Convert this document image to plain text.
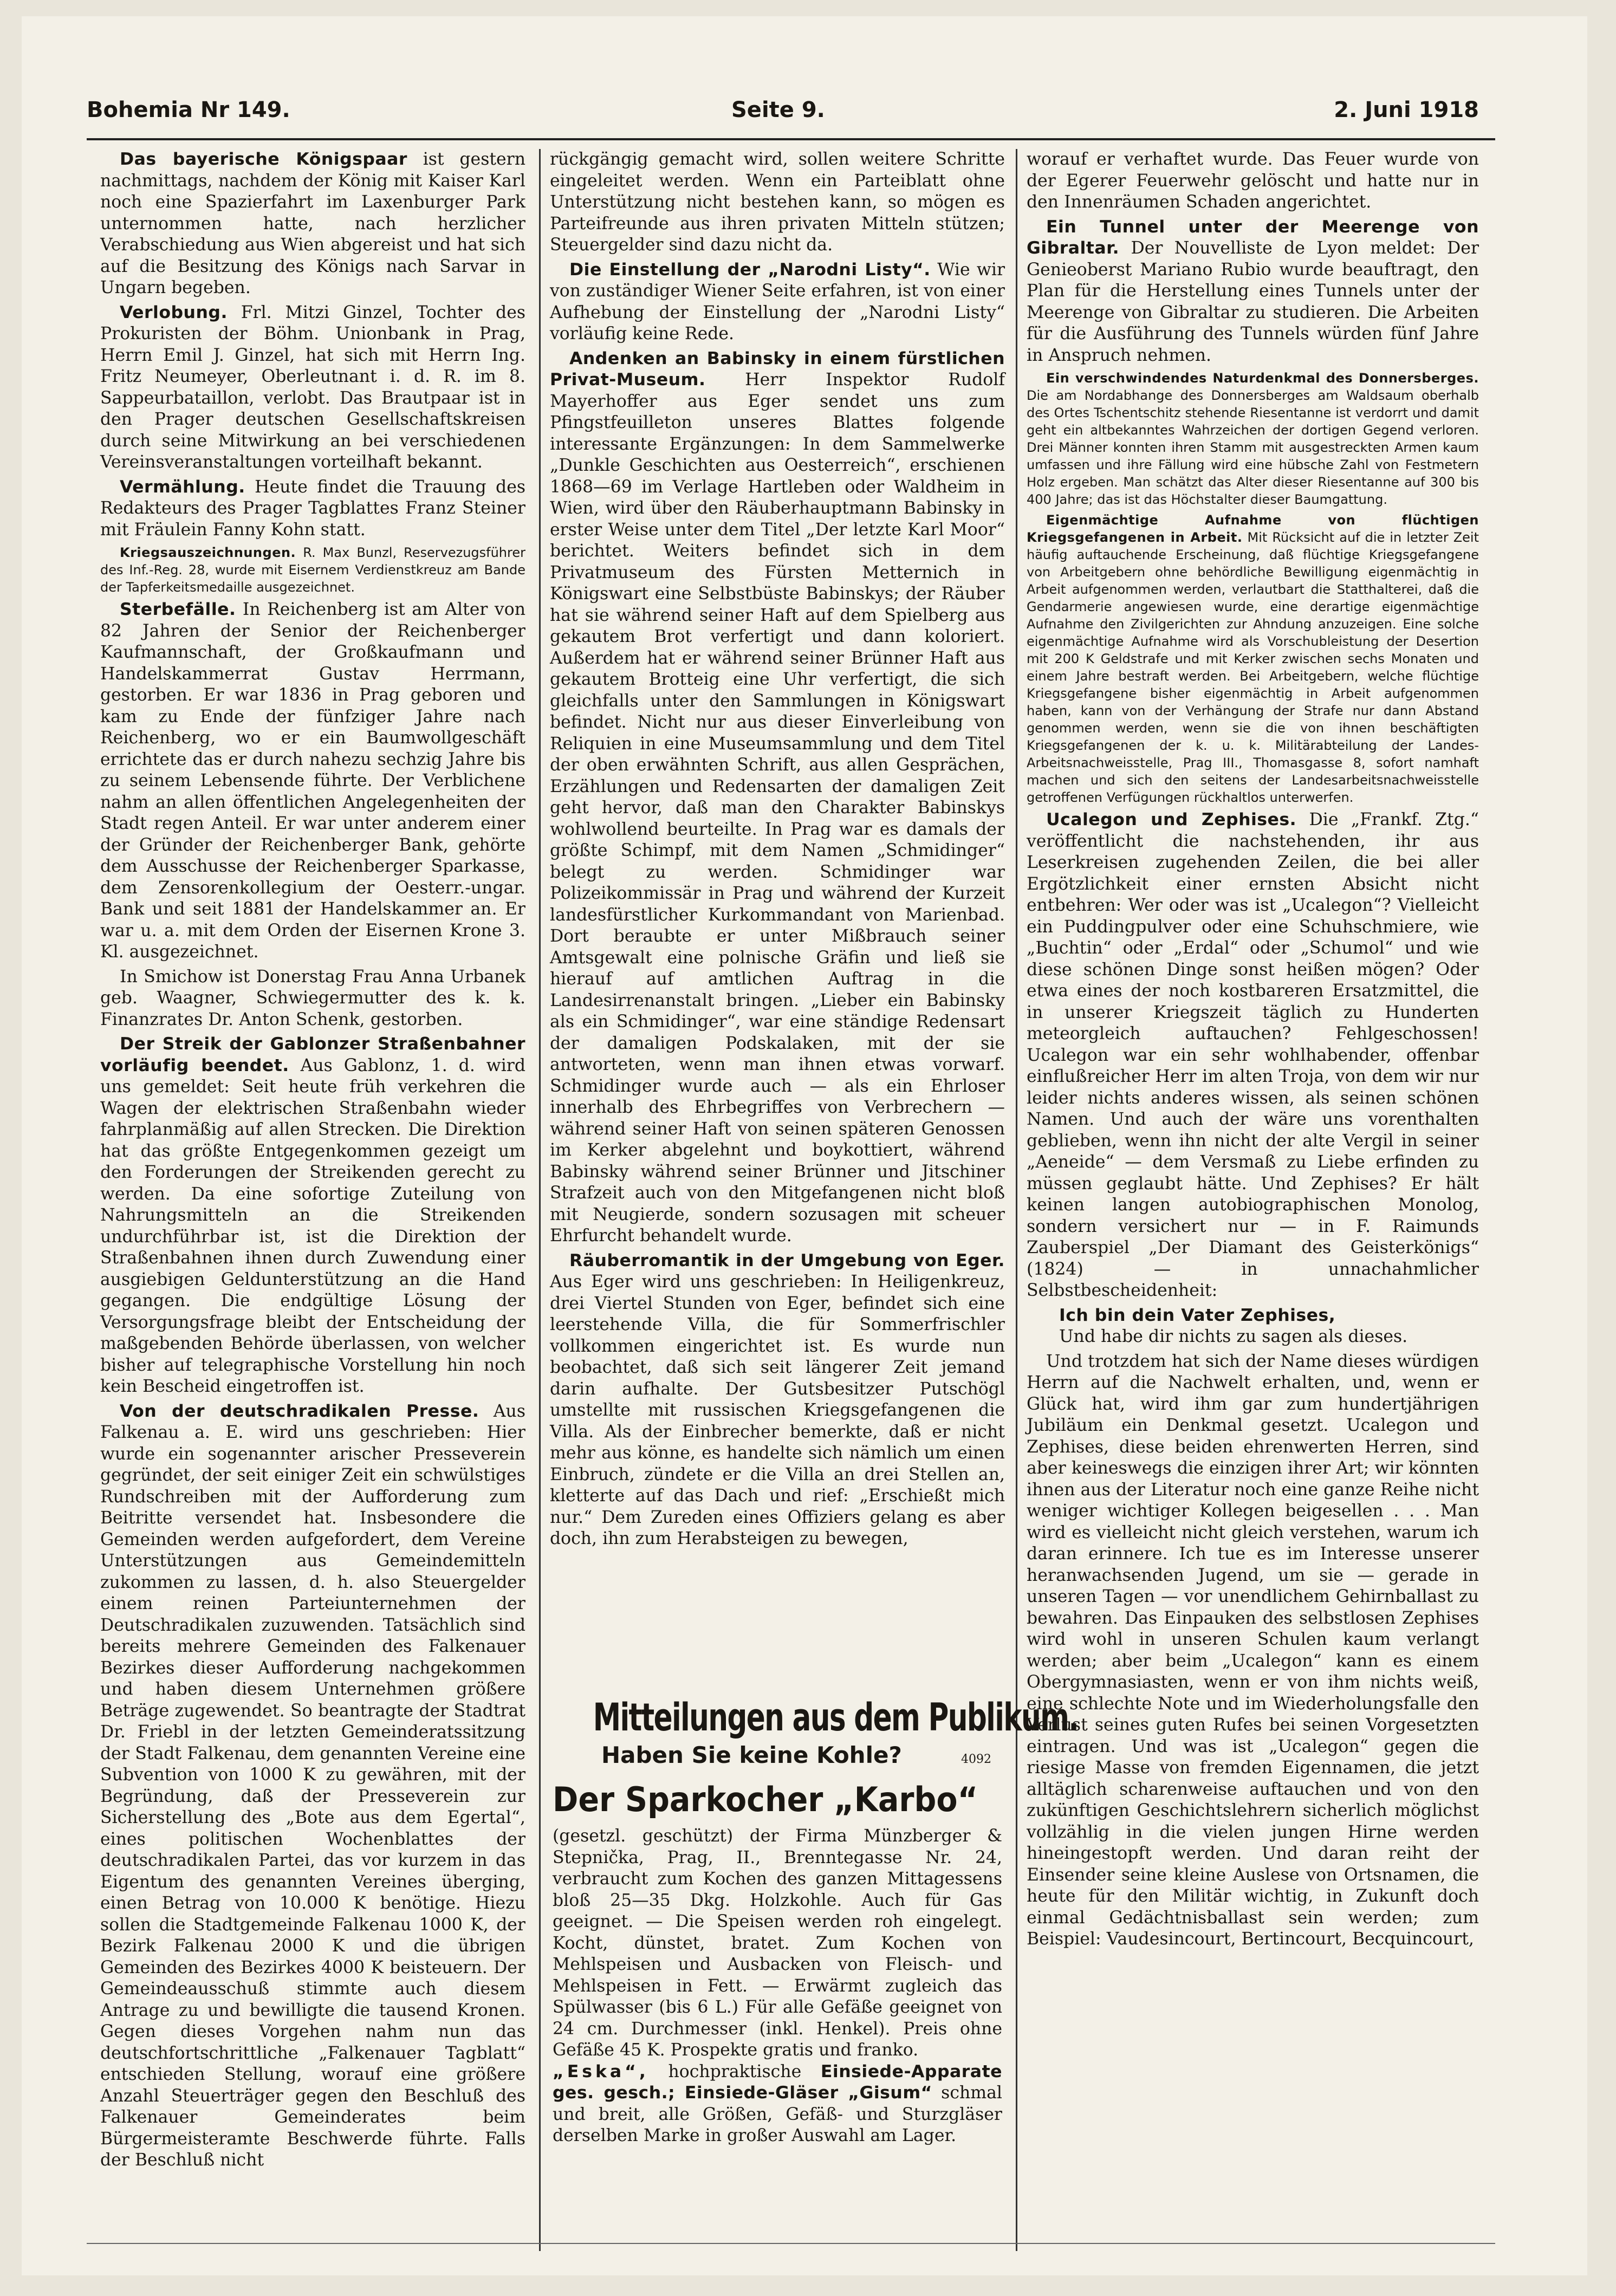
Bohemia Nr 149.	Seite 9.	2. Juni 1918

Das bayerische Königspaar ist gestern nachmittags, nachdem der König mit Kaiser Karl noch eine Spazierfahrt im Laxenburger Park unternommen hatte, nach herzlicher Verabschiedung aus Wien abgereist und hat sich auf die Besitzung des Königs nach Sarvar in Ungarn begeben.

Verlobung. Frl. Mitzi Ginzel, Tochter des Prokuristen der Böhm. Unionbank in Prag, Herrn Emil J. Ginzel, hat sich mit Herrn Ing. Fritz Neumeyer, Oberleutnant i. d. R. im 8. Sappeurbataillon, verlobt. Das Brautpaar ist in den Prager deutschen Gesellschaftskreisen durch seine Mitwirkung an bei verschiedenen Vereinsveranstaltungen vorteilhaft bekannt.

Vermählung. Heute findet die Trauung des Redakteurs des Prager Tagblattes Franz Steiner mit Fräulein Fanny Kohn statt.

Kriegsauszeichnungen. R. Max Bunzl, Reservezugsführer des Inf.-Reg. 28, wurde mit Eisernem Verdienstkreuz am Bande der Tapferkeitsmedaille ausgezeichnet.

Sterbefälle. In Reichenberg ist am Alter von 82 Jahren der Senior der Reichenberger Kaufmannschaft, der Großkaufmann und Handelskammerrat Gustav Herrmann, gestorben. Er war 1836 in Prag geboren und kam zu Ende der fünfziger Jahre nach Reichenberg, wo er ein Baumwollgeschäft errichtete das er durch nahezu sechzig Jahre bis zu seinem Lebensende führte. Der Verblichene nahm an allen öffentlichen Angelegenheiten der Stadt regen Anteil. Er war unter anderem einer der Gründer der Reichenberger Bank, gehörte dem Ausschusse der Reichenberger Sparkasse, dem Zensorenkollegium der Oesterr.-ungar. Bank und seit 1881 der Handelskammer an. Er war u. a. mit dem Orden der Eisernen Krone 3. Kl. ausgezeichnet.

In Smichow ist Donerstag Frau Anna Urbanek geb. Waagner, Schwiegermutter des k. k. Finanzrates Dr. Anton Schenk, gestorben.

Der Streik der Gablonzer Straßenbahner vorläufig beendet. Aus Gablonz, 1. d. wird uns gemeldet: Seit heute früh verkehren die Wagen der elektrischen Straßenbahn wieder fahrplanmäßig auf allen Strecken. Die Direktion hat das größte Entgegenkommen gezeigt um den Forderungen der Streikenden gerecht zu werden. Da eine sofortige Zuteilung von Nahrungsmitteln an die Streikenden undurchführbar ist, ist die Direktion der Straßenbahnen ihnen durch Zuwendung einer ausgiebigen Geldunterstützung an die Hand gegangen. Die endgültige Lösung der Versorgungsfrage bleibt der Entscheidung der maßgebenden Behörde überlassen, von welcher bisher auf telegraphische Vorstellung hin noch kein Bescheid eingetroffen ist.

Von der deutschradikalen Presse. Aus Falkenau a. E. wird uns geschrieben: Hier wurde ein sogenannter arischer Presseverein gegründet, der seit einiger Zeit ein schwülstiges Rundschreiben mit der Aufforderung zum Beitritte versendet hat. Insbesondere die Gemeinden werden aufgefordert, dem Vereine Unterstützungen aus Gemeindemitteln zukommen zu lassen, d. h. also Steuergelder einem reinen Parteiunternehmen der Deutschradikalen zuzuwenden. Tatsächlich sind bereits mehrere Gemeinden des Falkenauer Bezirkes dieser Aufforderung nachgekommen und haben diesem Unternehmen größere Beträge zugewendet. So beantragte der Stadtrat Dr. Friebl in der letzten Gemeinderatssitzung der Stadt Falkenau, dem genannten Vereine eine Subvention von 1000 K zu gewähren, mit der Begründung, daß der Presseverein zur Sicherstellung des „Bote aus dem Egertal“, eines politischen Wochenblattes der deutschradikalen Partei, das vor kurzem in das Eigentum des genannten Vereines überging, einen Betrag von 10.000 K benötige. Hiezu sollen die Stadtgemeinde Falkenau 1000 K, der Bezirk Falkenau 2000 K und die übrigen Gemeinden des Bezirkes 4000 K beisteuern. Der Gemeindeausschuß stimmte auch diesem Antrage zu und bewilligte die tausend Kronen. Gegen dieses Vorgehen nahm nun das deutschfortschrittliche „Falkenauer Tagblatt“ entschieden Stellung, worauf eine größere Anzahl Steuerträger gegen den Beschluß des Falkenauer Gemeinderates beim Bürgermeisteramte Beschwerde führte. Falls der Beschluß nicht

rückgängig gemacht wird, sollen weitere Schritte eingeleitet werden. Wenn ein Parteiblatt ohne Unterstützung nicht bestehen kann, so mögen es Parteifreunde aus ihren privaten Mitteln stützen; Steuergelder sind dazu nicht da.

Die Einstellung der „Narodni Listy“. Wie wir von zuständiger Wiener Seite erfahren, ist von einer Aufhebung der Einstellung der „Narodni Listy“ vorläufig keine Rede.

Andenken an Babinsky in einem fürstlichen Privat-Museum. Herr Inspektor Rudolf Mayerhoffer aus Eger sendet uns zum Pfingstfeuilleton unseres Blattes folgende interessante Ergänzungen: In dem Sammelwerke „Dunkle Geschichten aus Oesterreich“, erschienen 1868—69 im Verlage Hartleben oder Waldheim in Wien, wird über den Räuberhauptmann Babinsky in erster Weise unter dem Titel „Der letzte Karl Moor“ berichtet. Weiters befindet sich in dem Privatmuseum des Fürsten Metternich in Königswart eine Selbstbüste Babinskys; der Räuber hat sie während seiner Haft auf dem Spielberg aus gekautem Brot verfertigt und dann koloriert. Außerdem hat er während seiner Brünner Haft aus gekautem Brotteig eine Uhr verfertigt, die sich gleichfalls unter den Sammlungen in Königswart befindet. Nicht nur aus dieser Einverleibung von Reliquien in eine Museumsammlung und dem Titel der oben erwähnten Schrift, aus allen Gesprächen, Erzählungen und Redensarten der damaligen Zeit geht hervor, daß man den Charakter Babinskys wohlwollend beurteilte. In Prag war es damals der größte Schimpf, mit dem Namen „Schmidinger“ belegt zu werden. Schmidinger war Polizeikommissär in Prag und während der Kurzeit landesfürstlicher Kurkommandant von Marienbad. Dort beraubte er unter Mißbrauch seiner Amtsgewalt eine polnische Gräfin und ließ sie hierauf auf amtlichen Auftrag in die Landesirrenanstalt bringen. „Lieber ein Babinsky als ein Schmidinger“, war eine ständige Redensart der damaligen Podskalaken, mit der sie antworteten, wenn man ihnen etwas vorwarf. Schmidinger wurde auch — als ein Ehrloser innerhalb des Ehrbegriffes von Verbrechern — während seiner Haft von seinen späteren Genossen im Kerker abgelehnt und boykottiert, während Babinsky während seiner Brünner und Jitschiner Strafzeit auch von den Mitgefangenen nicht bloß mit Neugierde, sondern sozusagen mit scheuer Ehrfurcht behandelt wurde.

Räuberromantik in der Umgebung von Eger. Aus Eger wird uns geschrieben: In Heiligenkreuz, drei Viertel Stunden von Eger, befindet sich eine leerstehende Villa, die für Sommerfrischler vollkommen eingerichtet ist. Es wurde nun beobachtet, daß sich seit längerer Zeit jemand darin aufhalte. Der Gutsbesitzer Putschögl umstellte mit russischen Kriegsgefangenen die Villa. Als der Einbrecher bemerkte, daß er nicht mehr aus könne, es handelte sich nämlich um einen Einbruch, zündete er die Villa an drei Stellen an, kletterte auf das Dach und rief: „Erschießt mich nur.“ Dem Zureden eines Offiziers gelang es aber doch, ihn zum Herabsteigen zu bewegen,

Mitteilungen aus dem Publikum.
Haben Sie keine Kohle?	4092
Der Sparkocher „Karbo“

(gesetzl. geschützt) der Firma Münzberger & Stepnička, Prag, II., Brenntegasse Nr. 24, verbraucht zum Kochen des ganzen Mittagessens bloß 25—35 Dkg. Holzkohle. Auch für Gas geeignet. — Die Speisen werden roh eingelegt. Kocht, dünstet, bratet. Zum Kochen von Mehlspeisen und Ausbacken von Fleisch- und Mehlspeisen in Fett. — Erwärmt zugleich das Spülwasser (bis 6 L.) Für alle Gefäße geeignet von 24 cm. Durchmesser (inkl. Henkel). Preis ohne Gefäße 45 K. Prospekte gratis und franko.

„Eska“, hochpraktische Einsiede-Apparate ges. gesch.; Einsiede-Gläser „Gisum“ schmal und breit, alle Größen, Gefäß- und Sturzgläser derselben Marke in großer Auswahl am Lager.

worauf er verhaftet wurde. Das Feuer wurde von der Egerer Feuerwehr gelöscht und hatte nur in den Innenräumen Schaden angerichtet.

Ein Tunnel unter der Meerenge von Gibraltar. Der Nouvelliste de Lyon meldet: Der Genieoberst Mariano Rubio wurde beauftragt, den Plan für die Herstellung eines Tunnels unter der Meerenge von Gibraltar zu studieren. Die Arbeiten für die Ausführung des Tunnels würden fünf Jahre in Anspruch nehmen.

Ein verschwindendes Naturdenkmal des Donnersberges. Die am Nordabhange des Donnersberges am Waldsaum oberhalb des Ortes Tschentschitz stehende Riesentanne ist verdorrt und damit geht ein altbekanntes Wahrzeichen der dortigen Gegend verloren. Drei Männer konnten ihren Stamm mit ausgestreckten Armen kaum umfassen und ihre Fällung wird eine hübsche Zahl von Festmetern Holz ergeben. Man schätzt das Alter dieser Riesentanne auf 300 bis 400 Jahre; das ist das Höchstalter dieser Baumgattung.

Eigenmächtige Aufnahme von flüchtigen Kriegsgefangenen in Arbeit. Mit Rücksicht auf die in letzter Zeit häufig auftauchende Erscheinung, daß flüchtige Kriegsgefangene von Arbeitgebern ohne behördliche Bewilligung eigenmächtig in Arbeit aufgenommen werden, verlautbart die Statthalterei, daß die Gendarmerie angewiesen wurde, eine derartige eigenmächtige Aufnahme den Zivilgerichten zur Ahndung anzuzeigen. Eine solche eigenmächtige Aufnahme wird als Vorschubleistung der Desertion mit 200 K Geldstrafe und mit Kerker zwischen sechs Monaten und einem Jahre bestraft werden. Bei Arbeitgebern, welche flüchtige Kriegsgefangene bisher eigenmächtig in Arbeit aufgenommen haben, kann von der Verhängung der Strafe nur dann Abstand genommen werden, wenn sie die von ihnen beschäftigten Kriegsgefangenen der k. u. k. Militärabteilung der Landes-Arbeitsnachweisstelle, Prag III., Thomasgasse 8, sofort namhaft machen und sich den seitens der Landesarbeitsnachweisstelle getroffenen Verfügungen rückhaltlos unterwerfen.

Ucalegon und Zephises. Die „Frankf. Ztg.“ veröffentlicht die nachstehenden, ihr aus Leserkreisen zugehenden Zeilen, die bei aller Ergötzlichkeit einer ernsten Absicht nicht entbehren: Wer oder was ist „Ucalegon“? Vielleicht ein Puddingpulver oder eine Schuhschmiere, wie „Buchtin“ oder „Erdal“ oder „Schumol“ und wie diese schönen Dinge sonst heißen mögen? Oder etwa eines der noch kostbareren Ersatzmittel, die in unserer Kriegszeit täglich zu Hunderten meteorgleich auftauchen? Fehlgeschossen! Ucalegon war ein sehr wohlhabender, offenbar einflußreicher Herr im alten Troja, von dem wir nur leider nichts anderes wissen, als seinen schönen Namen. Und auch der wäre uns vorenthalten geblieben, wenn ihn nicht der alte Vergil in seiner „Aeneide“ — dem Versmaß zu Liebe erfinden zu müssen geglaubt hätte. Und Zephises? Er hält keinen langen autobiographischen Monolog, sondern versichert nur — in F. Raimunds Zauberspiel „Der Diamant des Geisterkönigs“ (1824) — in unnachahmlicher Selbstbescheidenheit:

Ich bin dein Vater Zephises,

Und habe dir nichts zu sagen als dieses.

Und trotzdem hat sich der Name dieses würdigen Herrn auf die Nachwelt erhalten, und, wenn er Glück hat, wird ihm gar zum hundertjährigen Jubiläum ein Denkmal gesetzt. Ucalegon und Zephises, diese beiden ehrenwerten Herren, sind aber keineswegs die einzigen ihrer Art; wir könnten ihnen aus der Literatur noch eine ganze Reihe nicht weniger wichtiger Kollegen beigesellen . . . Man wird es vielleicht nicht gleich verstehen, warum ich daran erinnere. Ich tue es im Interesse unserer heranwachsenden Jugend, um sie — gerade in unseren Tagen — vor unendlichem Gehirnballast zu bewahren. Das Einpauken des selbstlosen Zephises wird wohl in unseren Schulen kaum verlangt werden; aber beim „Ucalegon“ kann es einem Obergymnasiasten, wenn er von ihm nichts weiß, eine schlechte Note und im Wiederholungsfalle den Verlust seines guten Rufes bei seinen Vorgesetzten eintragen. Und was ist „Ucalegon“ gegen die riesige Masse von fremden Eigennamen, die jetzt alltäglich scharenweise auftauchen und von den zukünftigen Geschichtslehrern sicherlich möglichst vollzählig in die vielen jungen Hirne werden hineingestopft werden. Und daran reiht der Einsender seine kleine Auslese von Ortsnamen, die heute für den Militär wichtig, in Zukunft doch einmal Gedächtnisballast sein werden; zum Beispiel: Vaudesincourt, Bertincourt, Becquincourt,
